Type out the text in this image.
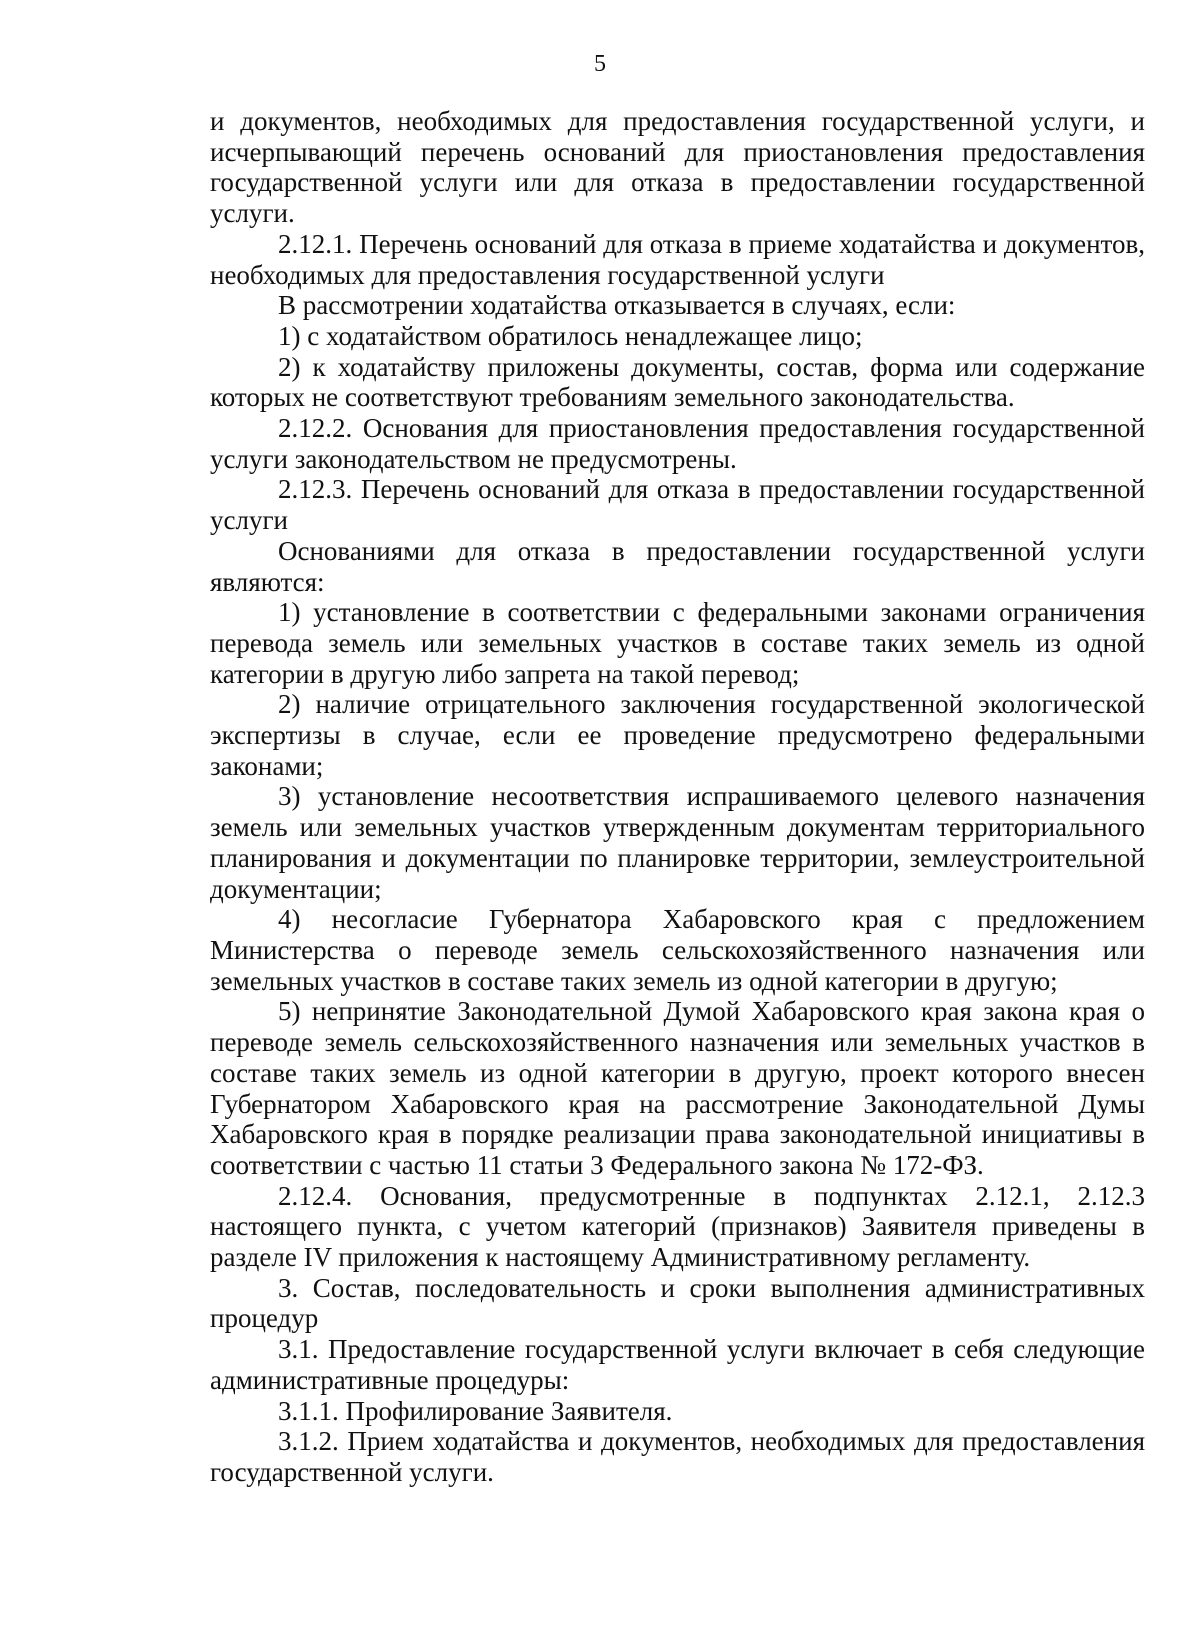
5

и документов, необходимых для предоставления государственной услуги, и исчерпывающий перечень оснований для приостановления предоставления государственной услуги или для отказа в предоставлении государственной услуги.

2.12.1. Перечень оснований для отказа в приеме ходатайства и документов, необходимых для предоставления государственной услуги

В рассмотрении ходатайства отказывается в случаях, если:

1) с ходатайством обратилось ненадлежащее лицо;

2) к ходатайству приложены документы, состав, форма или содержание которых не соответствуют требованиям земельного законодательства.

2.12.2. Основания для приостановления предоставления государственной услуги законодательством не предусмотрены.

2.12.3. Перечень оснований для отказа в предоставлении государственной услуги

Основаниями для отказа в предоставлении государственной услуги являются:

1) установление в соответствии с федеральными законами ограничения перевода земель или земельных участков в составе таких земель из одной категории в другую либо запрета на такой перевод;

2) наличие отрицательного заключения государственной экологической экспертизы в случае, если ее проведение предусмотрено федеральными законами;

3) установление несоответствия испрашиваемого целевого назначения земель или земельных участков утвержденным документам территориального планирования и документации по планировке территории, землеустроительной документации;

4) несогласие Губернатора Хабаровского края с предложением Министерства о переводе земель сельскохозяйственного назначения или земельных участков в составе таких земель из одной категории в другую;

5) непринятие Законодательной Думой Хабаровского края закона края о переводе земель сельскохозяйственного назначения или земельных участков в составе таких земель из одной категории в другую, проект которого внесен Губернатором Хабаровского края на рассмотрение Законодательной Думы Хабаровского края в порядке реализации права законодательной инициативы в соответствии с частью 11 статьи 3 Федерального закона № 172-ФЗ.

2.12.4. Основания, предусмотренные в подпунктах 2.12.1, 2.12.3 настоящего пункта, с учетом категорий (признаков) Заявителя приведены в разделе IV приложения к настоящему Административному регламенту.

3. Состав, последовательность и сроки выполнения административных процедур

3.1. Предоставление государственной услуги включает в себя следующие административные процедуры:

3.1.1. Профилирование Заявителя.

3.1.2. Прием ходатайства и документов, необходимых для предоставления государственной услуги.
